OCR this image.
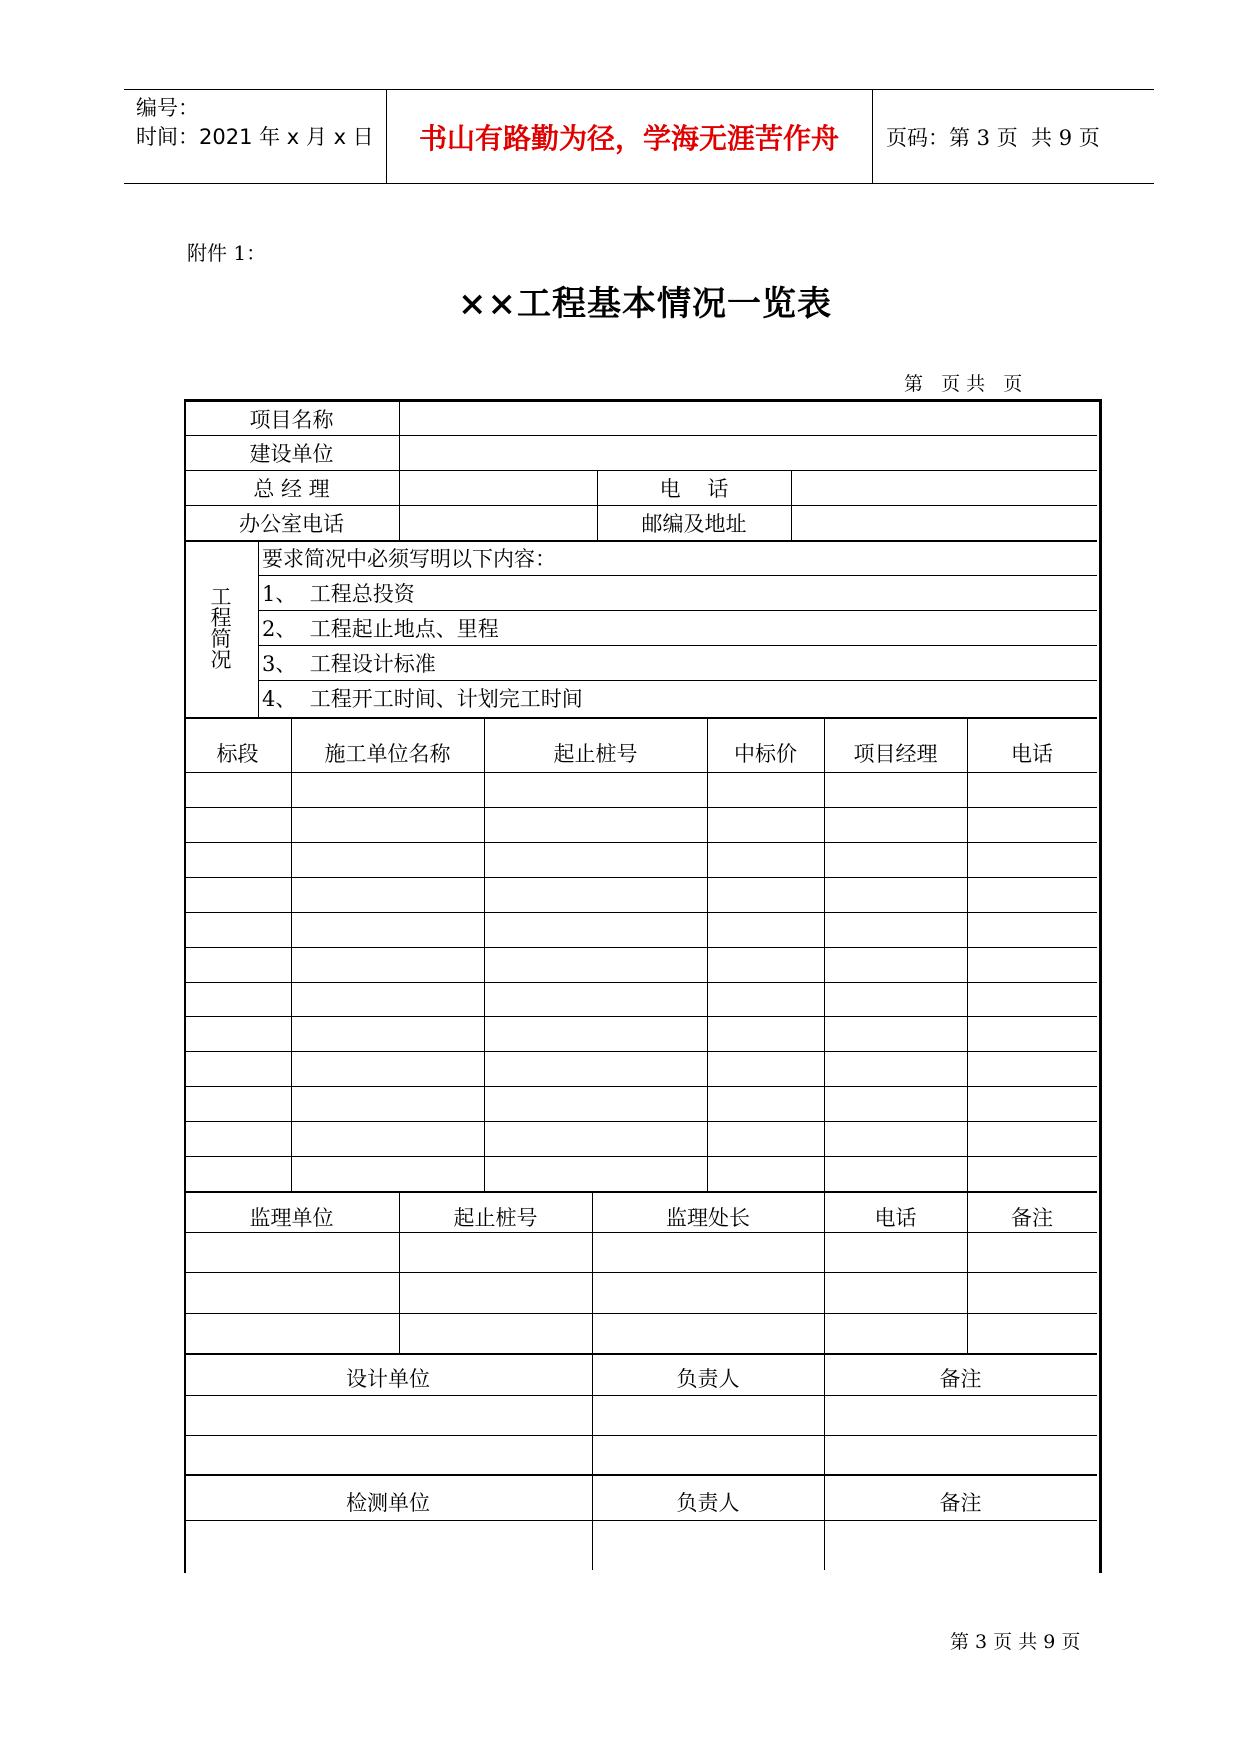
编号：
时间：2021 年 x 月 x 日	书山有路勤为径，学海无涯苦作舟	页码：第 3 页  共 9 页
附件 1：
××工程基本情况一览表
第   页 共   页
项目名称
建设单位
总 经 理	电    话
办公室电话	邮编及地址
工
程
简
况
要求简况中必须写明以下内容：
1、  工程总投资
2、  工程起止地点、里程
3、  工程设计标准
4、  工程开工时间、计划完工时间
标段	施工单位名称	起止桩号	中标价	项目经理	电话
监理单位	起止桩号	监理处长	电话	备注
设计单位	负责人	备注
检测单位	负责人	备注
第 3 页 共 9 页
